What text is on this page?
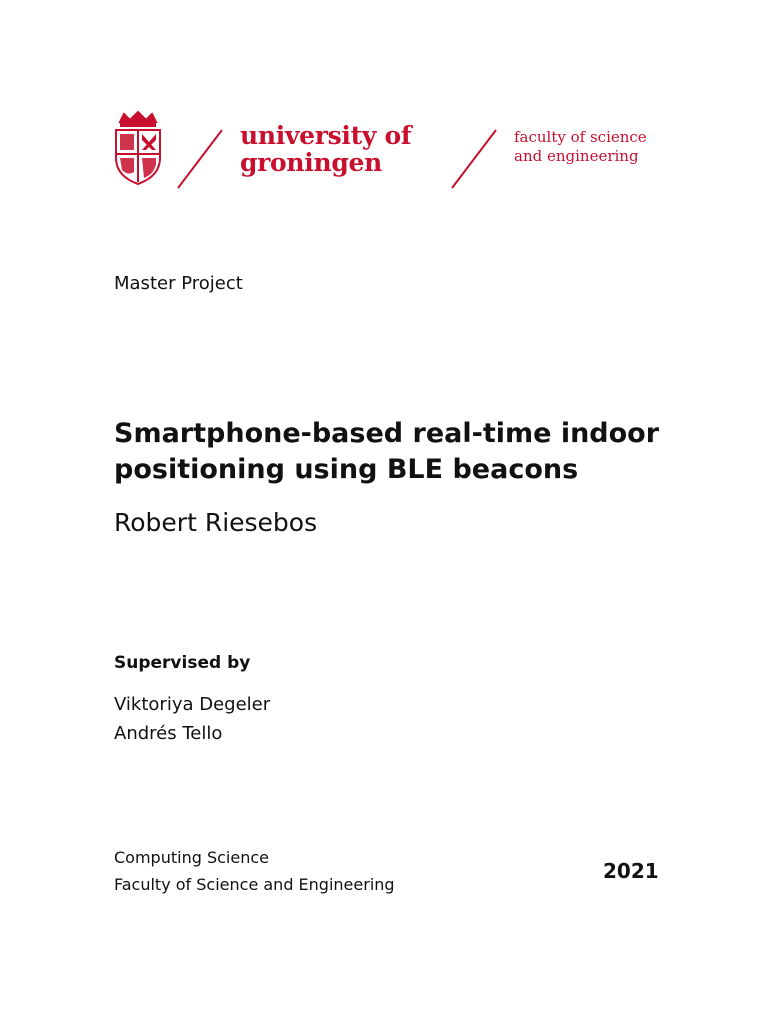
university of
groningen
faculty of science
and engineering
Master Project
Smartphone-based real-time indoor
positioning using BLE beacons
Robert Riesebos
Supervised by
Viktoriya Degeler
Andrés Tello
Computing Science
Faculty of Science and Engineering
2021
